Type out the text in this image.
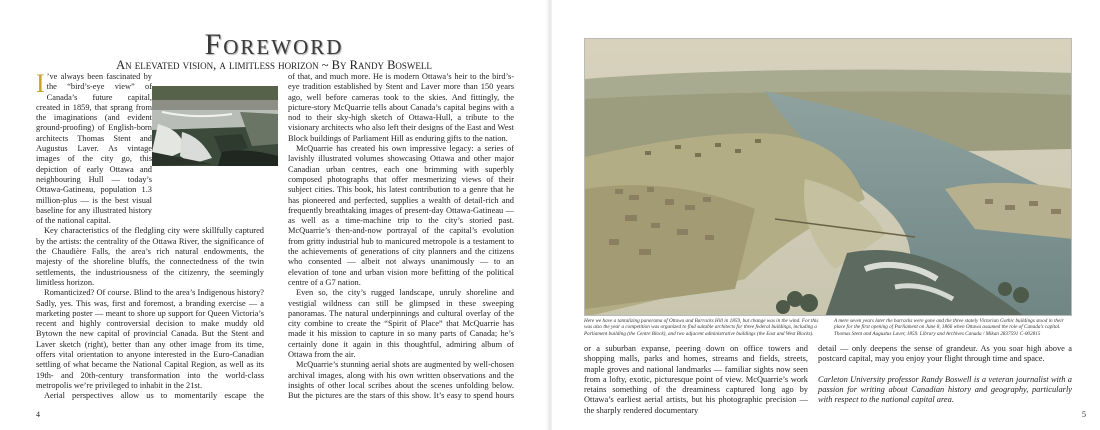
Foreword
An elevated vision, a limitless horizon ~ By Randy Boswell
I ’ve always been fascinated by the “bird’s-eye view” of Canada’s future capital, created in 1859, that sprang from the imaginations (and evident ground-proofing) of English-born architects Thomas Stent and Augustus Laver. As vintage images of the city go, this depiction of early Ottawa and neighbouring Hull — today’s Ottawa-Gatineau, population 1.3 million-plus — is the best visual baseline for any illustrated history of the national capital.

Key characteristics of the fledgling city were skillfully captured by the artists: the centrality of the Ottawa River, the significance of the Chaudière Falls, the area’s rich natural endowments, the majesty of the shoreline bluffs, the connectedness of the twin settlements, the industriousness of the citizenry, the seemingly limitless horizon.

Romanticized? Of course. Blind to the area’s Indigenous history? Sadly, yes. This was, first and foremost, a branding exercise — a marketing poster — meant to shore up support for Queen Victoria’s recent and highly controversial decision to make muddy old Bytown the new capital of provincial Canada. But the Stent and Laver sketch (right), better than any other image from its time, offers vital orientation to anyone interested in the Euro-Canadian settling of what became the National Capital Region, as well as its 19th- and 20th-century transformation into the world-class metropolis we’re privileged to inhabit in the 21st.

Aerial perspectives allow us to momentarily escape the

of that, and much more. He is modern Ottawa’s heir to the bird’s-eye tradition established by Stent and Laver more than 150 years ago, well before cameras took to the skies. And fittingly, the picture-story McQuarrie tells about Canada’s capital begins with a nod to their sky-high sketch of Ottawa-Hull, a tribute to the visionary architects who also left their designs of the East and West Block buildings of Parliament Hill as enduring gifts to the nation.

McQuarrie has created his own impressive legacy: a series of lavishly illustrated volumes showcasing Ottawa and other major Canadian urban centres, each one brimming with superbly composed photographs that offer mesmerizing views of their subject cities. This book, his latest contribution to a genre that he has pioneered and perfected, supplies a wealth of detail-rich and frequently breathtaking images of present-day Ottawa-Gatineau — as well as a time-machine trip to the city’s storied past. McQuarrie’s then-and-now portrayal of the capital’s evolution from gritty industrial hub to manicured metropole is a testament to the achievements of generations of city planners and the citizens who consented — albeit not always unanimously — to an elevation of tone and urban vision more befitting of the political centre of a G7 nation.

Even so, the city’s rugged landscape, unruly shoreline and vestigial wildness can still be glimpsed in these sweeping panoramas. The natural underpinnings and cultural overlay of the city combine to create the “Spirit of Place” that McQuarrie has made it his mission to capture in so many parts of Canada; he’s certainly done it again in this thoughtful, admiring album of Ottawa from the air.

McQuarrie’s stunning aerial shots are augmented by well-chosen archival images, along with his own written observations and the insights of other local scribes about the scenes unfolding below. But the pictures are the stars of this show. It’s easy to spend hours

4
Here we have a tantalizing panorama of Ottawa and Barracks Hill in 1859, but change was in the wind. For this was also the year a competition was organized to find suitable architects for three federal buildings, including a Parliament building (the Centre Block), and two adjacent administrative buildings (the East and West Blocks).
A mere seven years later the barracks were gone and the three stately Victorian Gothic buildings stood in their place for the first opening of Parliament on June 8, 1866 when Ottawa assumed the role of Canada’s capital. Thomas Stent and Augustus Laver, 1859. Library and Archives Canada / Mikan 2837591 C-002815
or a suburban expanse, peering down on office towers and shopping malls, parks and homes, streams and fields, streets, maple groves and national landmarks — familiar sights now seen from a lofty, exotic, picturesque point of view. McQuarrie’s work retains something of the dreaminess captured long ago by Ottawa’s earliest aerial artists, but his photographic precision — the sharply rendered documentary

detail — only deepens the sense of grandeur. As you soar high above a postcard capital, may you enjoy your flight through time and space.

Carleton University professor Randy Boswell is a veteran journalist with a passion for writing about Canadian history and geography, particularly with respect to the national capital area.

5
